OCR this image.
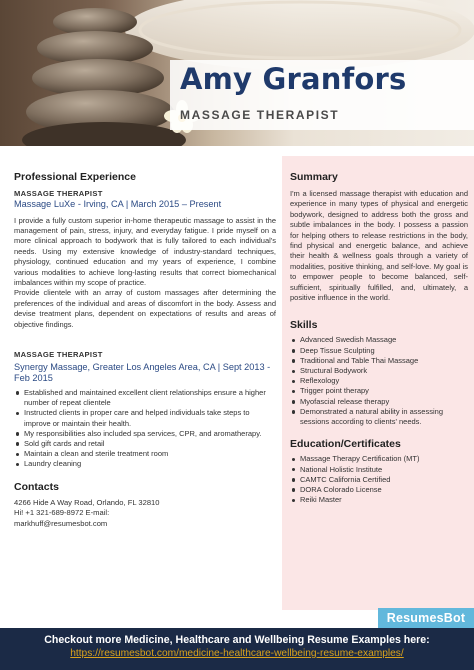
Amy Granfors
MASSAGE THERAPIST
Professional Experience
MASSAGE THERAPIST
Massage LuXe - Irving, CA | March 2015 – Present

I provide a fully custom superior in-home therapeutic massage to assist in the management of pain, stress, injury, and everyday fatigue. I pride myself on a more clinical approach to bodywork that is fully tailored to each individual's needs. Using my extensive knowledge of industry-standard techniques, physiology, continued education and my years of experience, I combine various modalities to achieve long-lasting results that correct biomechanical imbalances within my scope of practice.

Provide clientele with an array of custom massages after determining the preferences of the individual and areas of discomfort in the body. Assess and devise treatment plans, dependent on expectations of results and areas of objective findings.

MASSAGE THERAPIST
Synergy Massage, Greater Los Angeles Area, CA | Sept 2013 - Feb 2015
Established and maintained excellent client relationships ensure a higher number of repeat clientele
Instructed clients in proper care and helped individuals take steps to improve or maintain their health.
My responsibilities also included spa services, CPR, and aromatherapy.
Sold gift cards and retail
Maintain a clean and sterile treatment room
Laundry cleaning
Contacts
4266 Hide A Way Road, Orlando, FL 32810
Hi! +1 321-689-8972 E-mail:
markhuff@resumesbot.com
Summary

I'm a licensed massage therapist with education and experience in many types of physical and energetic bodywork, designed to address both the gross and subtle imbalances in the body. I possess a passion for helping others to release restrictions in the body, find physical and energetic balance, and achieve their health & wellness goals through a variety of modalities, positive thinking, and self-love. My goal is to empower people to become balanced, self-sufficient, spiritually fulfilled, and, ultimately, a positive influence in the world.

Skills
Advanced Swedish Massage
Deep Tissue Sculpting
Traditional and Table Thai Massage
Structural Bodywork
Reflexology
Trigger point therapy
Myofascial release therapy
Demonstrated a natural ability in assessing sessions according to clients' needs.
Education/Certificates
Massage Therapy Certification (MT)
National Holistic Institute
CAMTC California Certified
DORA Colorado License
Reiki Master
ResumesBot
Checkout more Medicine, Healthcare and Wellbeing Resume Examples here:
https://resumesbot.com/medicine-healthcare-wellbeing-resume-examples/
